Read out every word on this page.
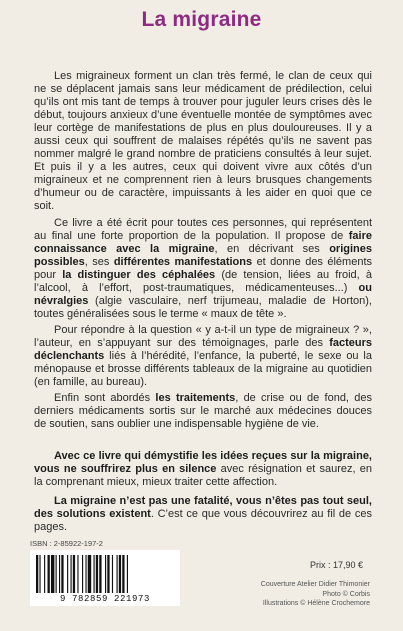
La migraine

Les migraineux forment un clan très fermé, le clan de ceux qui ne se déplacent jamais sans leur médicament de prédilection, celui qu’ils ont mis tant de temps à trouver pour juguler leurs crises dès le début, toujours anxieux d’une éventuelle montée de symptômes avec leur cortège de manifestations de plus en plus douloureuses. Il y a aussi ceux qui souffrent de malaises répétés qu’ils ne savent pas nommer malgré le grand nombre de praticiens consultés à leur sujet. Et puis il y a les autres, ceux qui doivent vivre aux côtés d’un migraineux et ne comprennent rien à leurs brusques changements d’humeur ou de caractère, impuissants à les aider en quoi que ce soit.

Ce livre a été écrit pour toutes ces personnes, qui représentent au final une forte proportion de la population. Il propose de faire connaissance avec la migraine, en décrivant ses origines possibles, ses différentes manifestations et donne des éléments pour la distinguer des céphalées (de tension, liées au froid, à l’alcool, à l’effort, post-traumatiques, médicamenteuses...) ou névralgies (algie vasculaire, nerf trijumeau, maladie de Horton), toutes généralisées sous le terme « maux de tête ».

Pour répondre à la question « y a-t-il un type de migraineux ? », l’auteur, en s’appuyant sur des témoignages, parle des facteurs déclenchants liés à l’hérédité, l’enfance, la puberté, le sexe ou la ménopause et brosse différents tableaux de la migraine au quotidien (en famille, au bureau).

Enfin sont abordés les traitements, de crise ou de fond, des derniers médicaments sortis sur le marché aux médecines douces de soutien, sans oublier une indispensable hygiène de vie.

Avec ce livre qui démystifie les idées reçues sur la migraine, vous ne souffrirez plus en silence avec résignation et saurez, en la comprenant mieux, mieux traiter cette affection.

La migraine n’est pas une fatalité, vous n’êtes pas tout seul, des solutions existent. C’est ce que vous découvrirez au fil de ces pages.

ISBN : 2-85922-197-2
9 782859 221973
Prix : 17,90 €
Couverture Atelier Didier Thimonier
Photo © Corbis
Illustrations © Hélène Crochemore
